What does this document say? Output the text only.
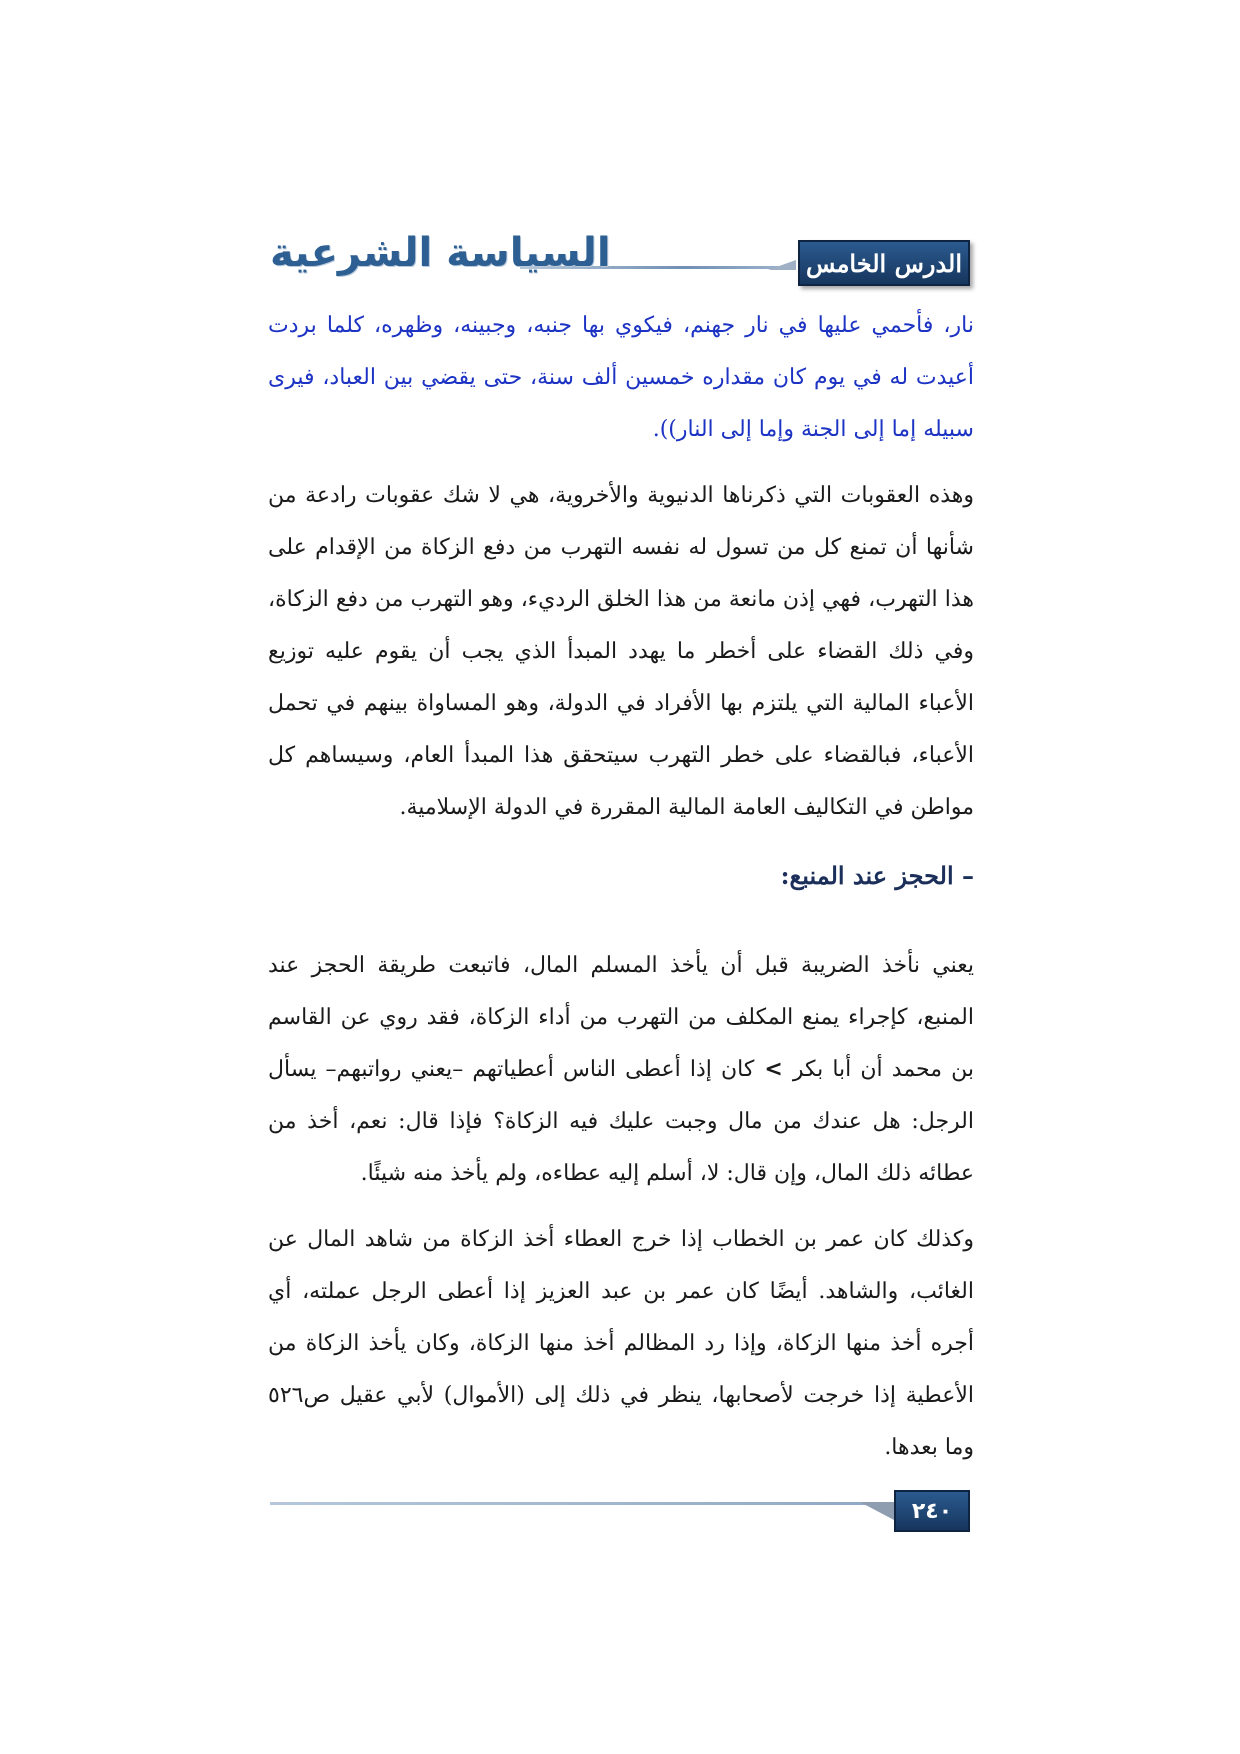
الدرس الخامس
السياسة الشرعية

نار، فأحمي عليها في نار جهنم، فيكوي بها جنبه، وجبينه، وظهره، كلما بردت أعيدت له في يوم كان مقداره خمسين ألف سنة، حتى يقضي بين العباد، فيرى سبيله إما إلى الجنة وإما إلى النار)).

وهذه العقوبات التي ذكرناها الدنيوية والأخروية، هي لا شك عقوبات رادعة من شأنها أن تمنع كل من تسول له نفسه التهرب من دفع الزكاة من الإقدام على هذا التهرب، فهي إذن مانعة من هذا الخلق الرديء، وهو التهرب من دفع الزكاة، وفي ذلك القضاء على أخطر ما يهدد المبدأ الذي يجب أن يقوم عليه توزيع الأعباء المالية التي يلتزم بها الأفراد في الدولة، وهو المساواة بينهم في تحمل الأعباء، فبالقضاء على خطر التهرب سيتحقق هذا المبدأ العام، وسيساهم كل مواطن في التكاليف العامة المالية المقررة في الدولة الإسلامية.

– الحجز عند المنبع:

يعني نأخذ الضريبة قبل أن يأخذ المسلم المال، فاتبعت طريقة الحجز عند المنبع، كإجراء يمنع المكلف من التهرب من أداء الزكاة، فقد روي عن القاسم بن محمد أن أبا بكر>كان إذا أعطى الناس أعطياتهم –يعني رواتبهم– يسأل الرجل: هل عندك من مال وجبت عليك فيه الزكاة؟ فإذا قال: نعم، أخذ من عطائه ذلك المال، وإن قال: لا، أسلم إليه عطاءه، ولم يأخذ منه شيئًا.

وكذلك كان عمر بن الخطاب إذا خرج العطاء أخذ الزكاة من شاهد المال عن الغائب، والشاهد. أيضًا كان عمر بن عبد العزيز إذا أعطى الرجل عملته، أي أجره أخذ منها الزكاة، وإذا رد المظالم أخذ منها الزكاة، وكان يأخذ الزكاة من الأعطية إذا خرجت لأصحابها، ينظر في ذلك إلى (الأموال) لأبي عقيل ص٥٢٦ وما بعدها.

٢٤٠
